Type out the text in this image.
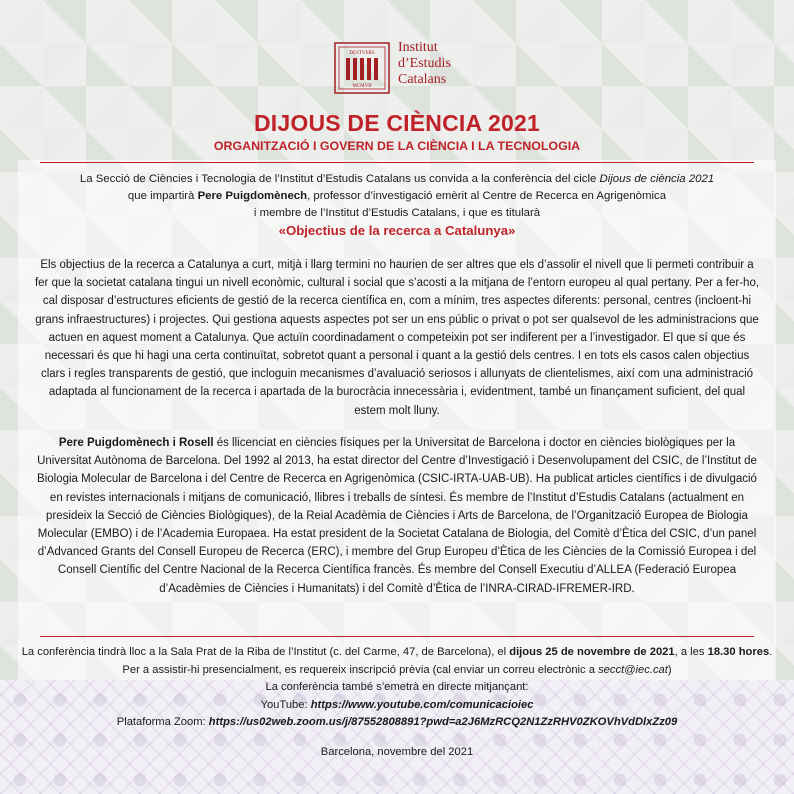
DESTVERS
MCMVII
Institut
d’Estudis
Catalans
DIJOUS DE CIÈNCIA 2021
ORGANITZACIÓ I GOVERN DE LA CIÈNCIA I LA TECNOLOGIA
La Secció de Ciències i Tecnologia de l’Institut d’Estudis Catalans us convida a la conferència del cicle Dijous de ciència 2021
que impartirà Pere Puigdomènech, professor d’investigació emèrit al Centre de Recerca en Agrigenòmica
i membre de l’Institut d’Estudis Catalans, i que es titularà
«Objectius de la recerca a Catalunya»
Els objectius de la recerca a Catalunya a curt, mitjà i llarg termini no haurien de ser altres que els d’assolir el nivell que li permeti contribuir a fer que la societat catalana tingui un nivell econòmic, cultural i social que s’acosti a la mitjana de l’entorn europeu al qual pertany. Per a fer-ho, cal disposar d’estructures eficients de gestió de la recerca científica en, com a mínim, tres aspectes diferents: personal, centres (incloent-hi grans infraestructures) i projectes. Qui gestiona aquests aspectes pot ser un ens públic o privat o pot ser qualsevol de les administracions que actuen en aquest moment a Catalunya. Que actuïn coordinadament o competeixin pot ser indiferent per a l’investigador. El que sí que és necessari és que hi hagi una certa continuïtat, sobretot quant a personal i quant a la gestió dels centres. I en tots els casos calen objectius clars i regles transparents de gestió, que incloguin mecanismes d’avaluació seriosos i allunyats de clientelismes, així com una administració adaptada al funcionament de la recerca i apartada de la burocràcia innecessària i, evidentment, també un finançament suficient, del qual estem molt lluny.
Pere Puigdomènech i Rosell és llicenciat en ciències físiques per la Universitat de Barcelona i doctor en ciències biològiques per la Universitat Autònoma de Barcelona. Del 1992 al 2013, ha estat director del Centre d’Investigació i Desenvolupament del CSIC, de l’Institut de Biologia Molecular de Barcelona i del Centre de Recerca en Agrigenòmica (CSIC-IRTA-UAB-UB). Ha publicat articles científics i de divulgació en revistes internacionals i mitjans de comunicació, llibres i treballs de síntesi. És membre de l’Institut d’Estudis Catalans (actualment en presideix la Secció de Ciències Biològiques), de la Reial Acadèmia de Ciències i Arts de Barcelona, de l’Organització Europea de Biologia Molecular (EMBO) i de l’Academia Europaea. Ha estat president de la Societat Catalana de Biologia, del Comitè d’Ètica del CSIC, d’un panel d’Advanced Grants del Consell Europeu de Recerca (ERC), i membre del Grup Europeu d’Ètica de les Ciències de la Comissió Europea i del Consell Científic del Centre Nacional de la Recerca Científica francès. És membre del Consell Executiu d’ALLEA (Federació Europea d’Acadèmies de Ciències i Humanitats) i del Comitè d’Ètica de l’INRA-CIRAD-IFREMER-IRD.
La conferència tindrà lloc a la Sala Prat de la Riba de l’Institut (c. del Carme, 47, de Barcelona), el dijous 25 de novembre de 2021, a les 18.30 hores.
Per a assistir-hi presencialment, es requereix inscripció prèvia (cal enviar un correu electrònic a secct@iec.cat)
La conferència també s’emetrà en directe mitjançant:
YouTube: https://www.youtube.com/comunicacioiec
Plataforma Zoom: https://us02web.zoom.us/j/87552808891?pwd=a2J6MzRCQ2N1ZzRHV0ZKOVhVdDlxZz09
Barcelona, novembre del 2021
